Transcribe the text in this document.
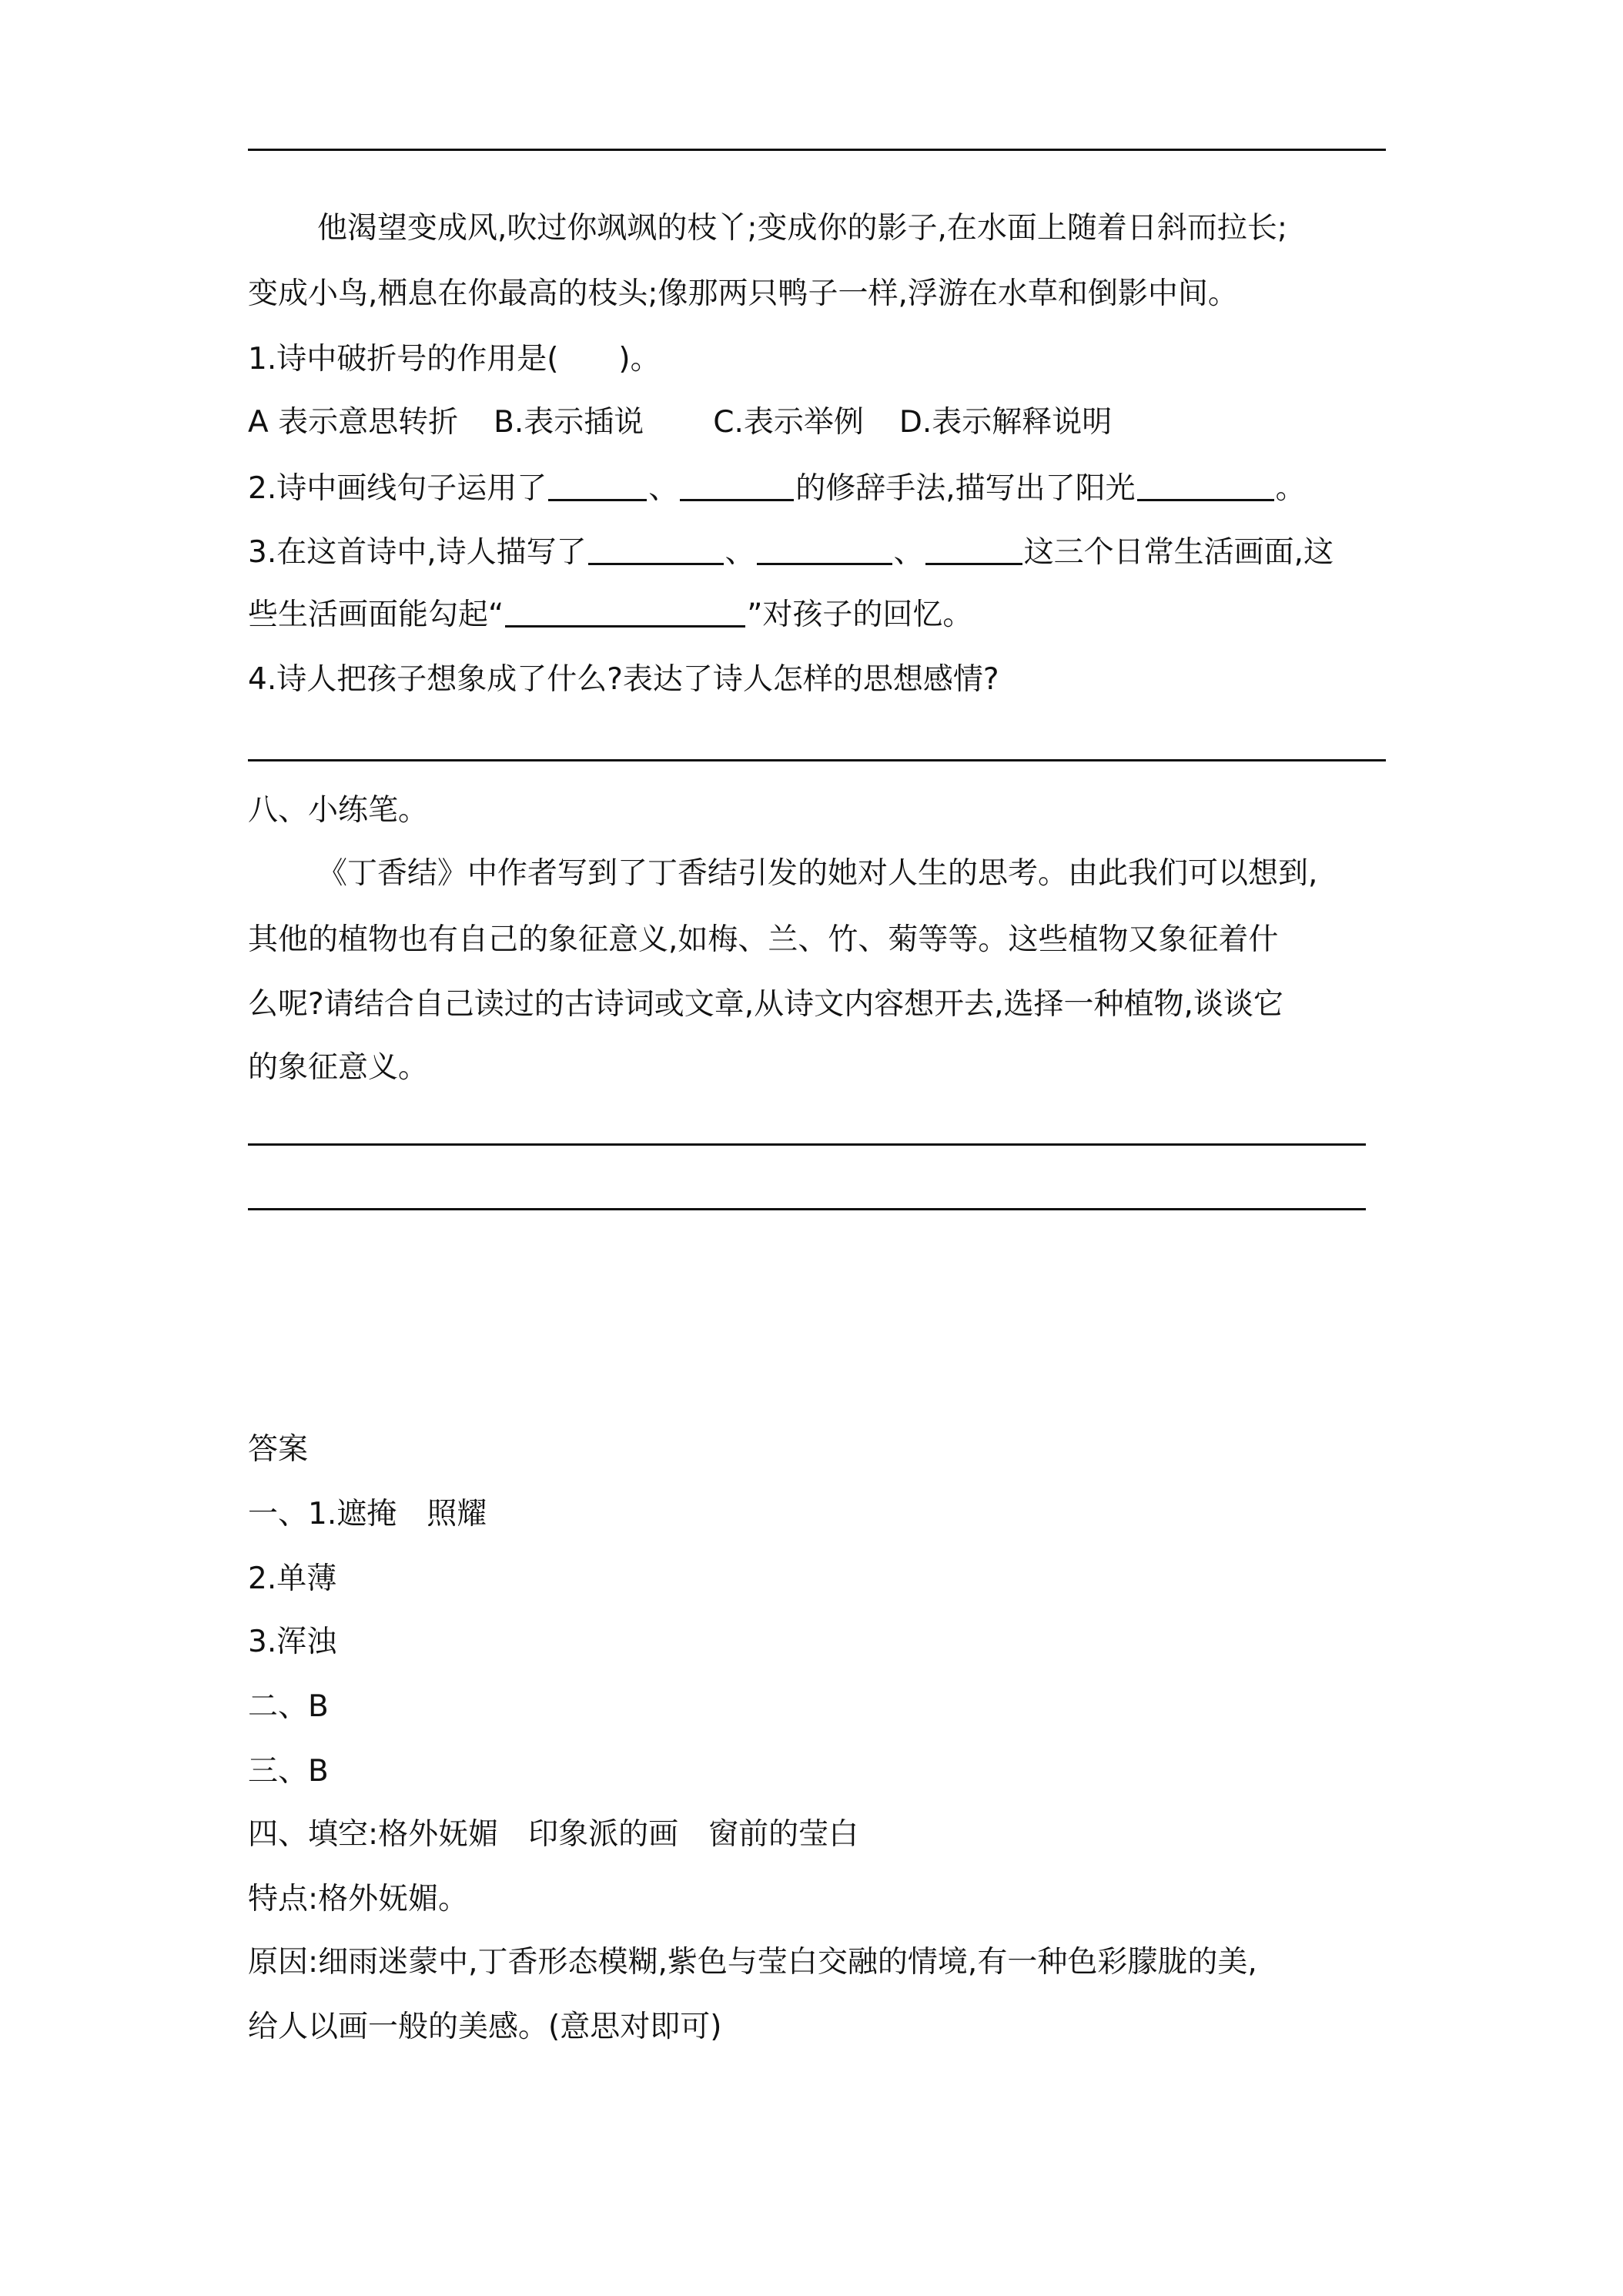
他渴望变成风,吹过你飒飒的枝丫;变成你的影子,在水面上随着日斜而拉长;
变成小鸟,栖息在你最高的枝头;像那两只鸭子一样,浮游在水草和倒影中间。
1.诗中破折号的作用是(　　)。
A 表示意思转折 B.表示插说 C.表示举例 D.表示解释说明
2.诗中画线句子运用了	、	的修辞手法,描写出了阳光	。
3.在这首诗中,诗人描写了	、	、	这三个日常生活画面,这
些生活画面能勾起“	”对孩子的回忆。
4.诗人把孩子想象成了什么?表达了诗人怎样的思想感情?
八、小练笔。
《丁香结》中作者写到了丁香结引发的她对人生的思考。由此我们可以想到,
其他的植物也有自己的象征意义,如梅、兰、竹、菊等等。这些植物又象征着什
么呢?请结合自己读过的古诗词或文章,从诗文内容想开去,选择一种植物,谈谈它
的象征意义。
答案
一、1.遮掩　照耀
2.单薄
3.浑浊
二、B
三、B
四、填空:格外妩媚　印象派的画　窗前的莹白
特点:格外妩媚。
原因:细雨迷蒙中,丁香形态模糊,紫色与莹白交融的情境,有一种色彩朦胧的美,
给人以画一般的美感。(意思对即可)
